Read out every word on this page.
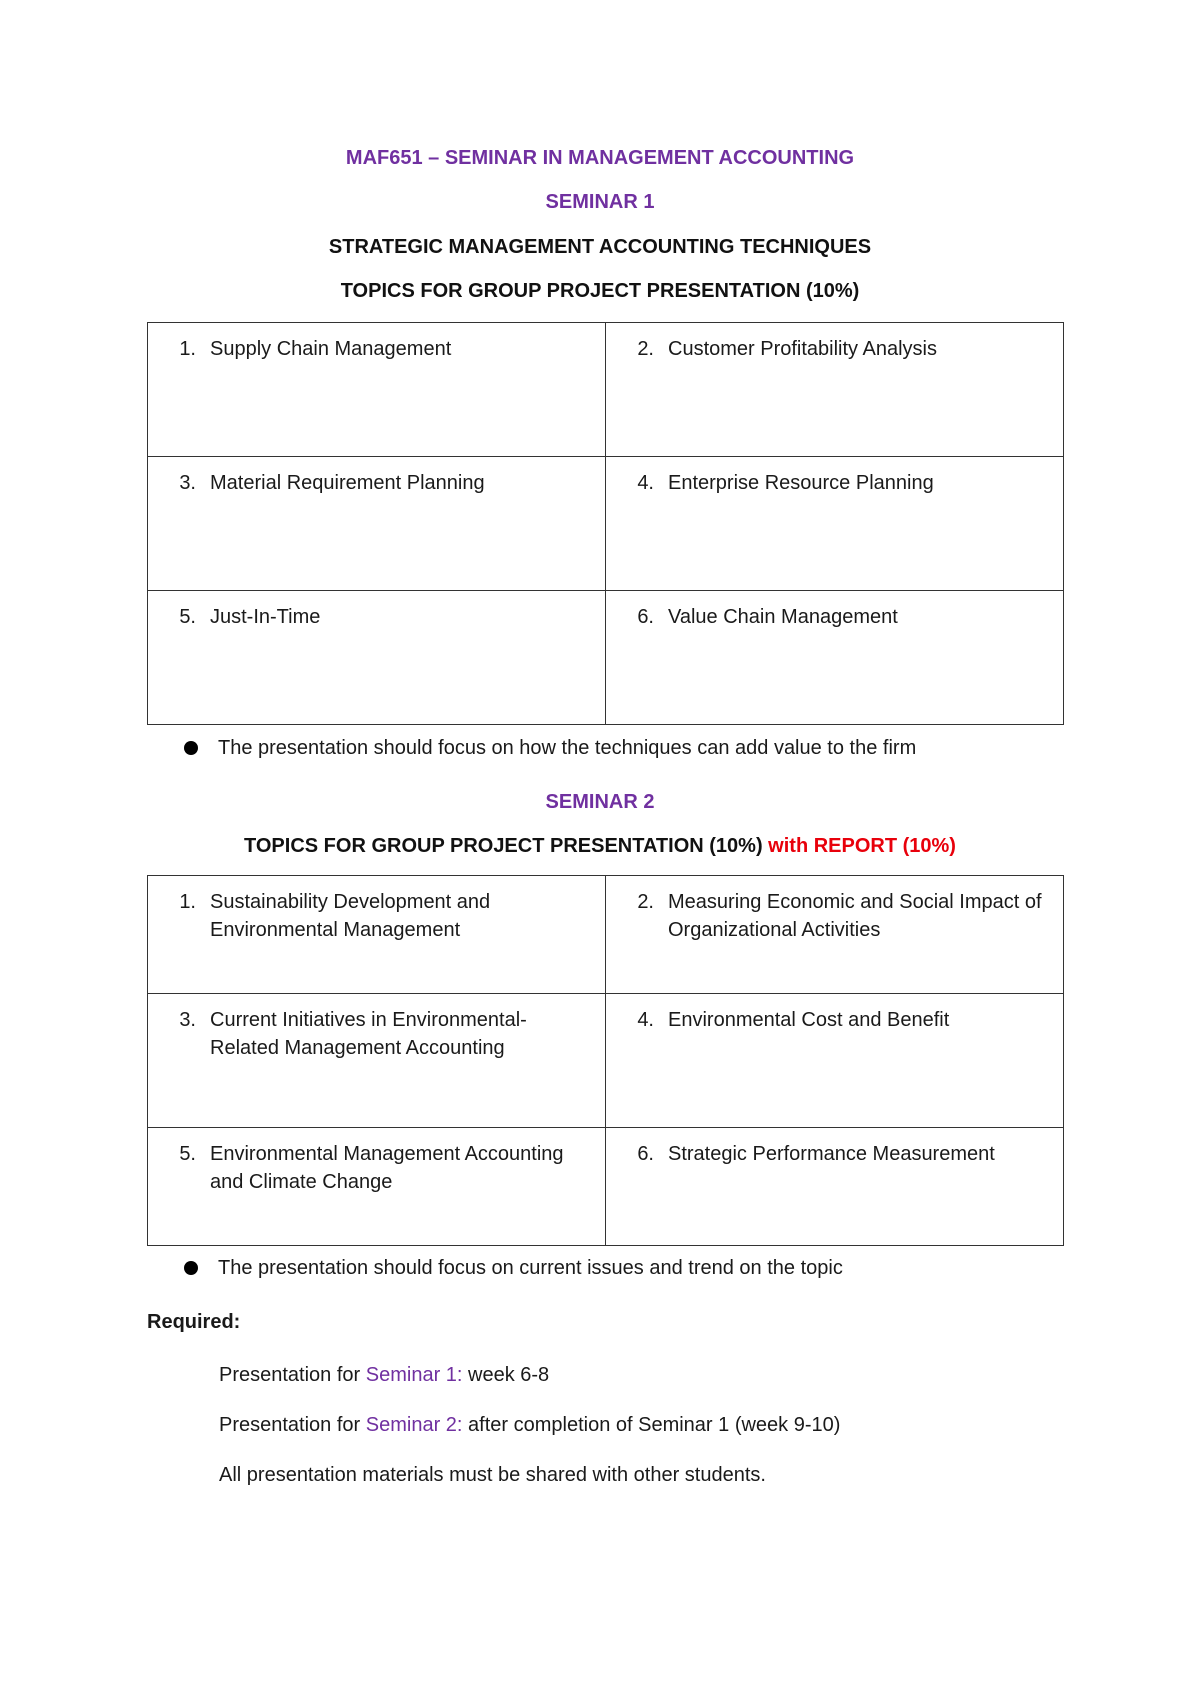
MAF651 – SEMINAR IN MANAGEMENT ACCOUNTING
SEMINAR 1
STRATEGIC MANAGEMENT ACCOUNTING TECHNIQUES
TOPICS FOR GROUP PROJECT PRESENTATION (10%)
1. Supply Chain Management	2. Customer Profitability Analysis

3. Material Requirement Planning	4. Enterprise Resource Planning

5. Just-In-Time	6. Value Chain Management
The presentation should focus on how the techniques can add value to the firm
SEMINAR 2
TOPICS FOR GROUP PROJECT PRESENTATION (10%) with REPORT (10%)
1. Sustainability Development and Environmental Management	2. Measuring Economic and Social Impact of Organizational Activities

3. Current Initiatives in Environmental-Related Management Accounting	4. Environmental Cost and Benefit

5. Environmental Management Accounting and Climate Change	6. Strategic Performance Measurement
The presentation should focus on current issues and trend on the topic
Required:
Presentation for Seminar 1: week 6-8
Presentation for Seminar 2: after completion of Seminar 1 (week 9-10)
All presentation materials must be shared with other students.
